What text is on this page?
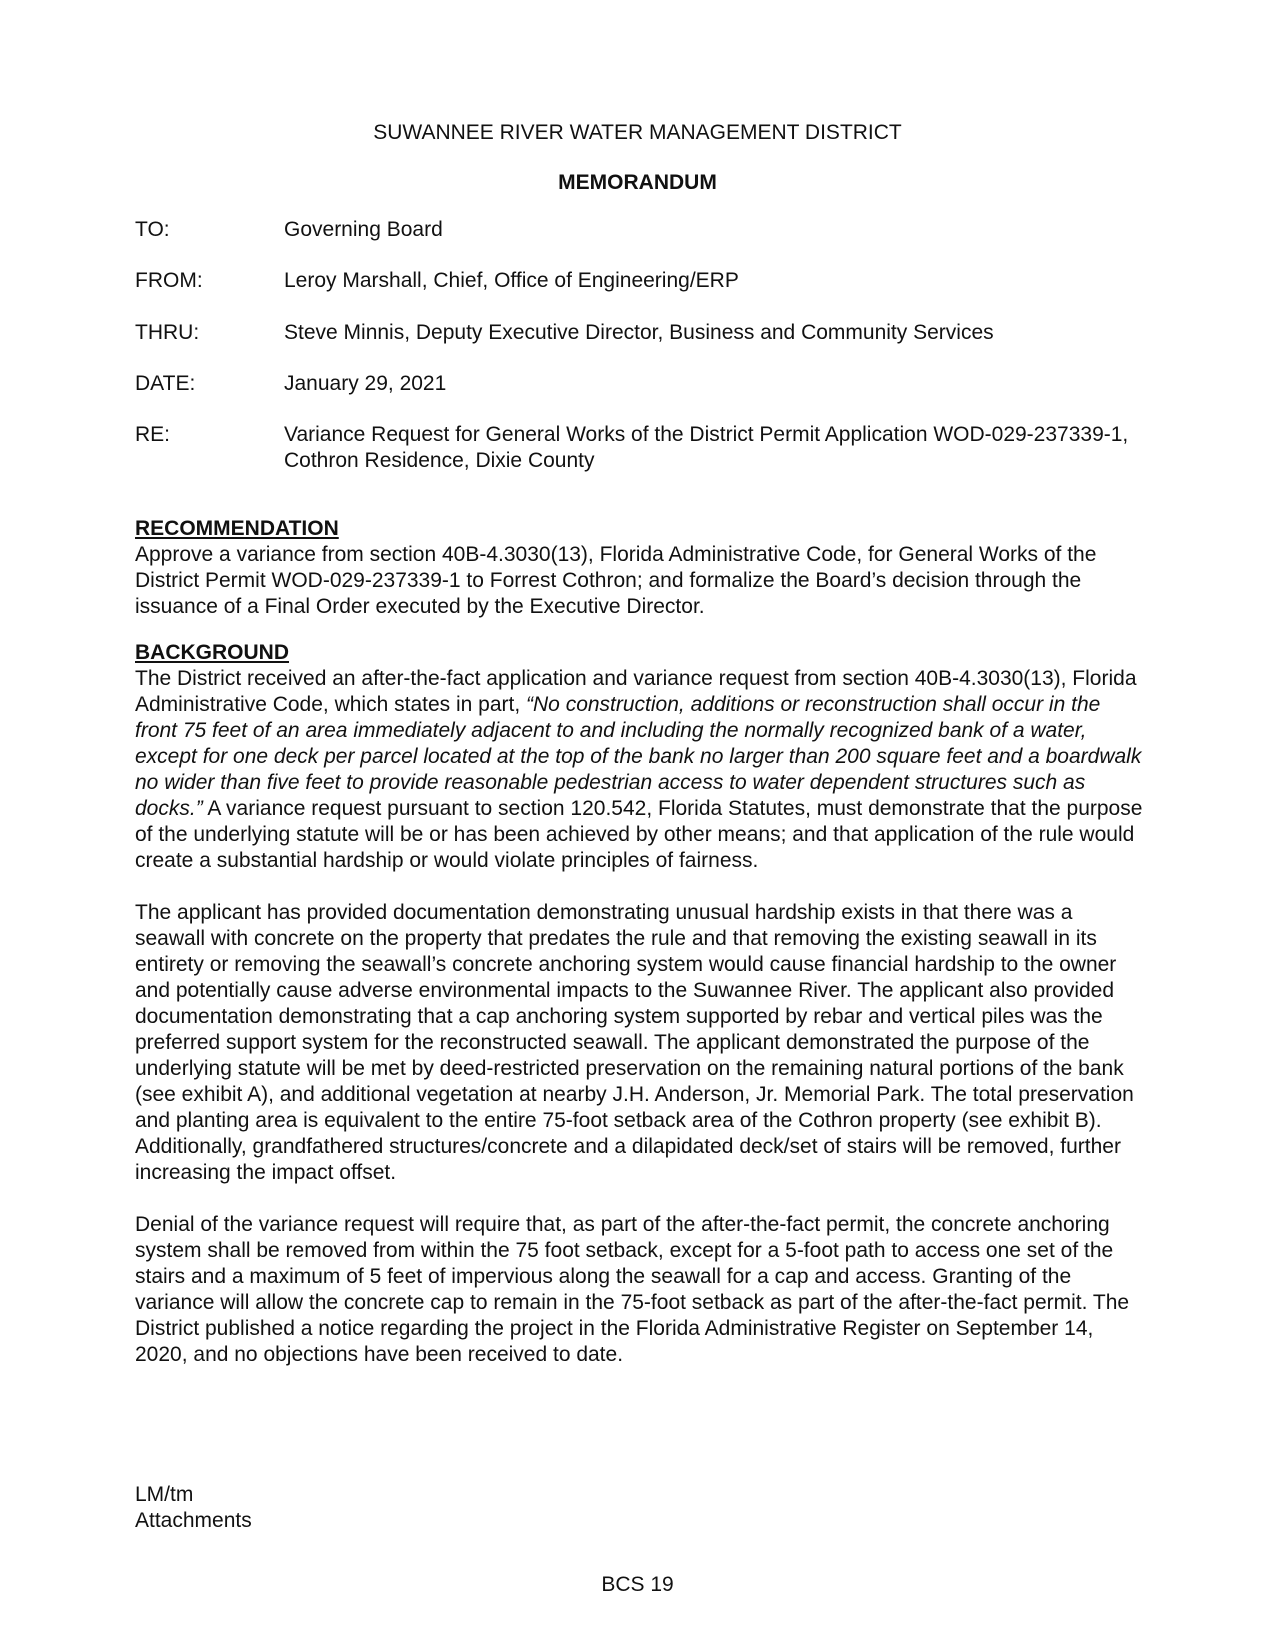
SUWANNEE RIVER WATER MANAGEMENT DISTRICT
MEMORANDUM
TO:	Governing Board
FROM:	Leroy Marshall, Chief, Office of Engineering/ERP
THRU:	Steve Minnis, Deputy Executive Director, Business and Community Services
DATE:	January 29, 2021
RE:	Variance Request for General Works of the District Permit Application WOD-029-237339-1, Cothron Residence, Dixie County
RECOMMENDATION

Approve a variance from section 40B-4.3030(13), Florida Administrative Code, for General Works of the District Permit WOD-029-237339-1 to Forrest Cothron; and formalize the Board’s decision through the issuance of a Final Order executed by the Executive Director.

BACKGROUND

The District received an after-the-fact application and variance request from section 40B-4.3030(13), Florida Administrative Code, which states in part, “No construction, additions or reconstruction shall occur in the front 75 feet of an area immediately adjacent to and including the normally recognized bank of a water, except for one deck per parcel located at the top of the bank no larger than 200 square feet and a boardwalk no wider than five feet to provide reasonable pedestrian access to water dependent structures such as docks.” A variance request pursuant to section 120.542, Florida Statutes, must demonstrate that the purpose of the underlying statute will be or has been achieved by other means; and that application of the rule would create a substantial hardship or would violate principles of fairness.

The applicant has provided documentation demonstrating unusual hardship exists in that there was a seawall with concrete on the property that predates the rule and that removing the existing seawall in its entirety or removing the seawall’s concrete anchoring system would cause financial hardship to the owner and potentially cause adverse environmental impacts to the Suwannee River. The applicant also provided documentation demonstrating that a cap anchoring system supported by rebar and vertical piles was the preferred support system for the reconstructed seawall. The applicant demonstrated the purpose of the underlying statute will be met by deed-restricted preservation on the remaining natural portions of the bank (see exhibit A), and additional vegetation at nearby J.H. Anderson, Jr. Memorial Park. The total preservation and planting area is equivalent to the entire 75-foot setback area of the Cothron property (see exhibit B). Additionally, grandfathered structures/concrete and a dilapidated deck/set of stairs will be removed, further increasing the impact offset.

Denial of the variance request will require that, as part of the after-the-fact permit, the concrete anchoring system shall be removed from within the 75 foot setback, except for a 5-foot path to access one set of the stairs and a maximum of 5 feet of impervious along the seawall for a cap and access. Granting of the variance will allow the concrete cap to remain in the 75-foot setback as part of the after-the-fact permit. The District published a notice regarding the project in the Florida Administrative Register on September 14, 2020, and no objections have been received to date.

LM/tm
Attachments
BCS 19
